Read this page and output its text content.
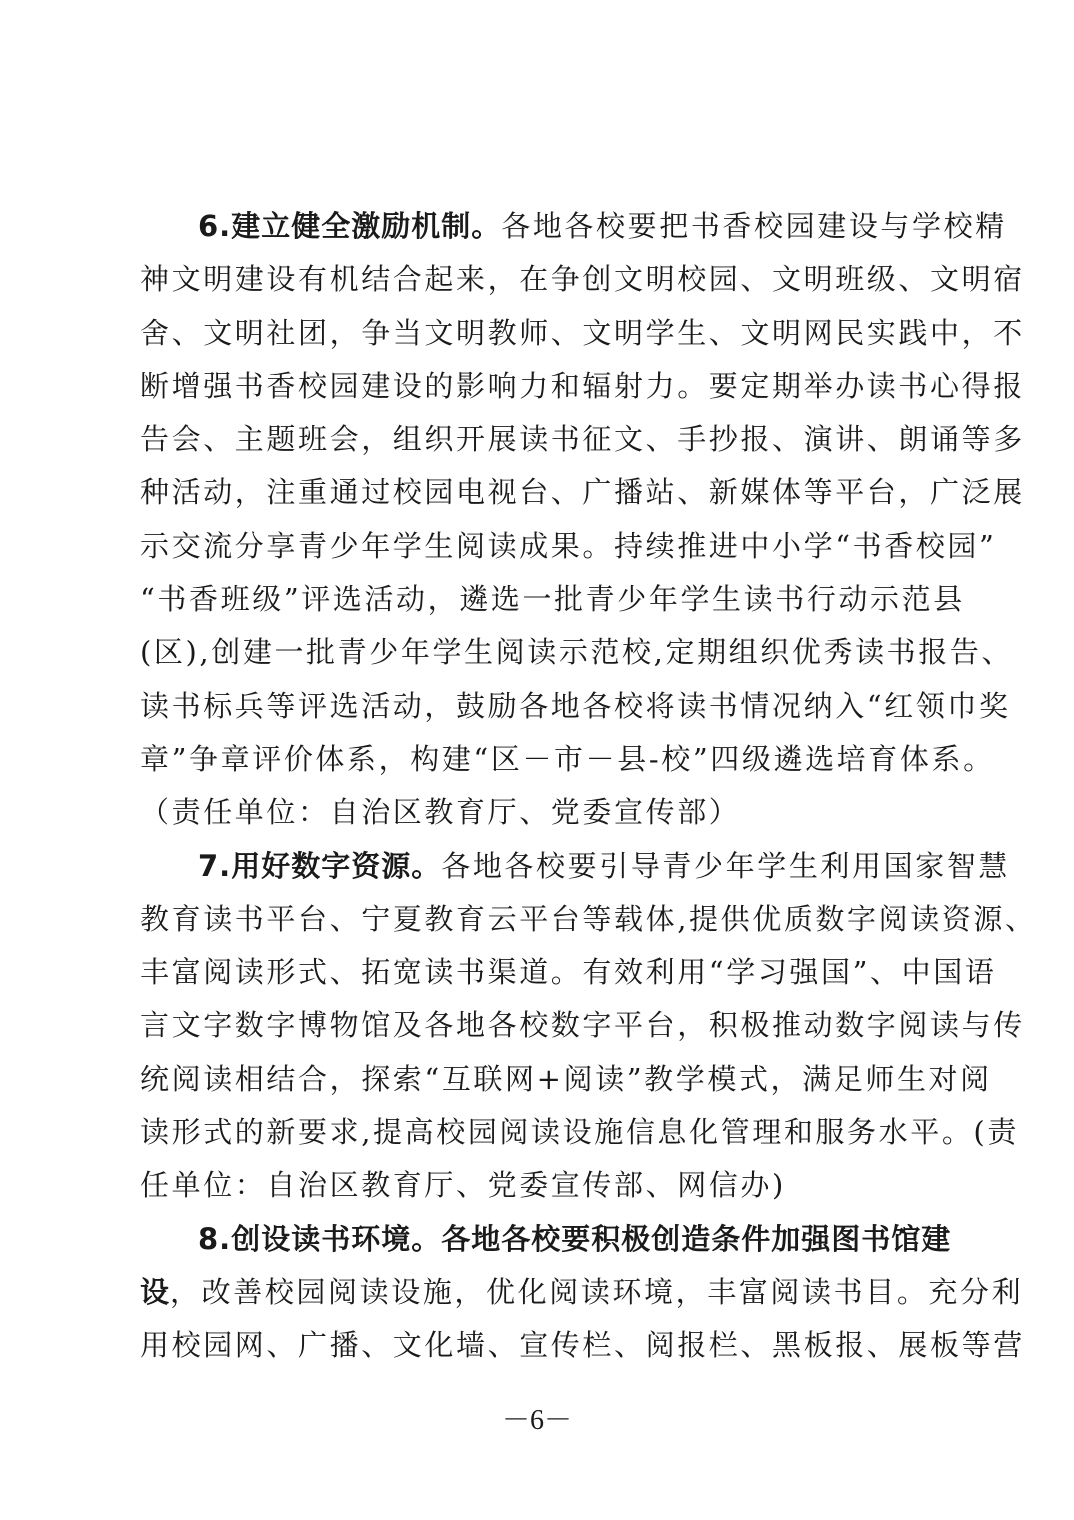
6.建立健全激励机制。各地各校要把书香校园建设与学校精
神文明建设有机结合起来，在争创文明校园、文明班级、文明宿
舍、文明社团，争当文明教师、文明学生、文明网民实践中，不
断增强书香校园建设的影响力和辐射力。要定期举办读书心得报
告会、主题班会，组织开展读书征文、手抄报、演讲、朗诵等多
种活动，注重通过校园电视台、广播站、新媒体等平台，广泛展
示交流分享青少年学生阅读成果。持续推进中小学“书香校园”
“书香班级”评选活动，遴选一批青少年学生读书行动示范县
(区),创建一批青少年学生阅读示范校,定期组织优秀读书报告、
读书标兵等评选活动，鼓励各地各校将读书情况纳入“红领巾奖
章”争章评价体系，构建“区－市－县-校”四级遴选培育体系。
（责任单位：自治区教育厅、党委宣传部）
7.用好数字资源。各地各校要引导青少年学生利用国家智慧
教育读书平台、宁夏教育云平台等载体,提供优质数字阅读资源、
丰富阅读形式、拓宽读书渠道。有效利用“学习强国”、中国语
言文字数字博物馆及各地各校数字平台，积极推动数字阅读与传
统阅读相结合，探索“互联网+阅读”教学模式，满足师生对阅
读形式的新要求,提高校园阅读设施信息化管理和服务水平。(责
任单位：自治区教育厅、党委宣传部、网信办)
8.创设读书环境。各地各校要积极创造条件加强图书馆建
设，改善校园阅读设施，优化阅读环境，丰富阅读书目。充分利
用校园网、广播、文化墙、宣传栏、阅报栏、黑板报、展板等营
－6－
